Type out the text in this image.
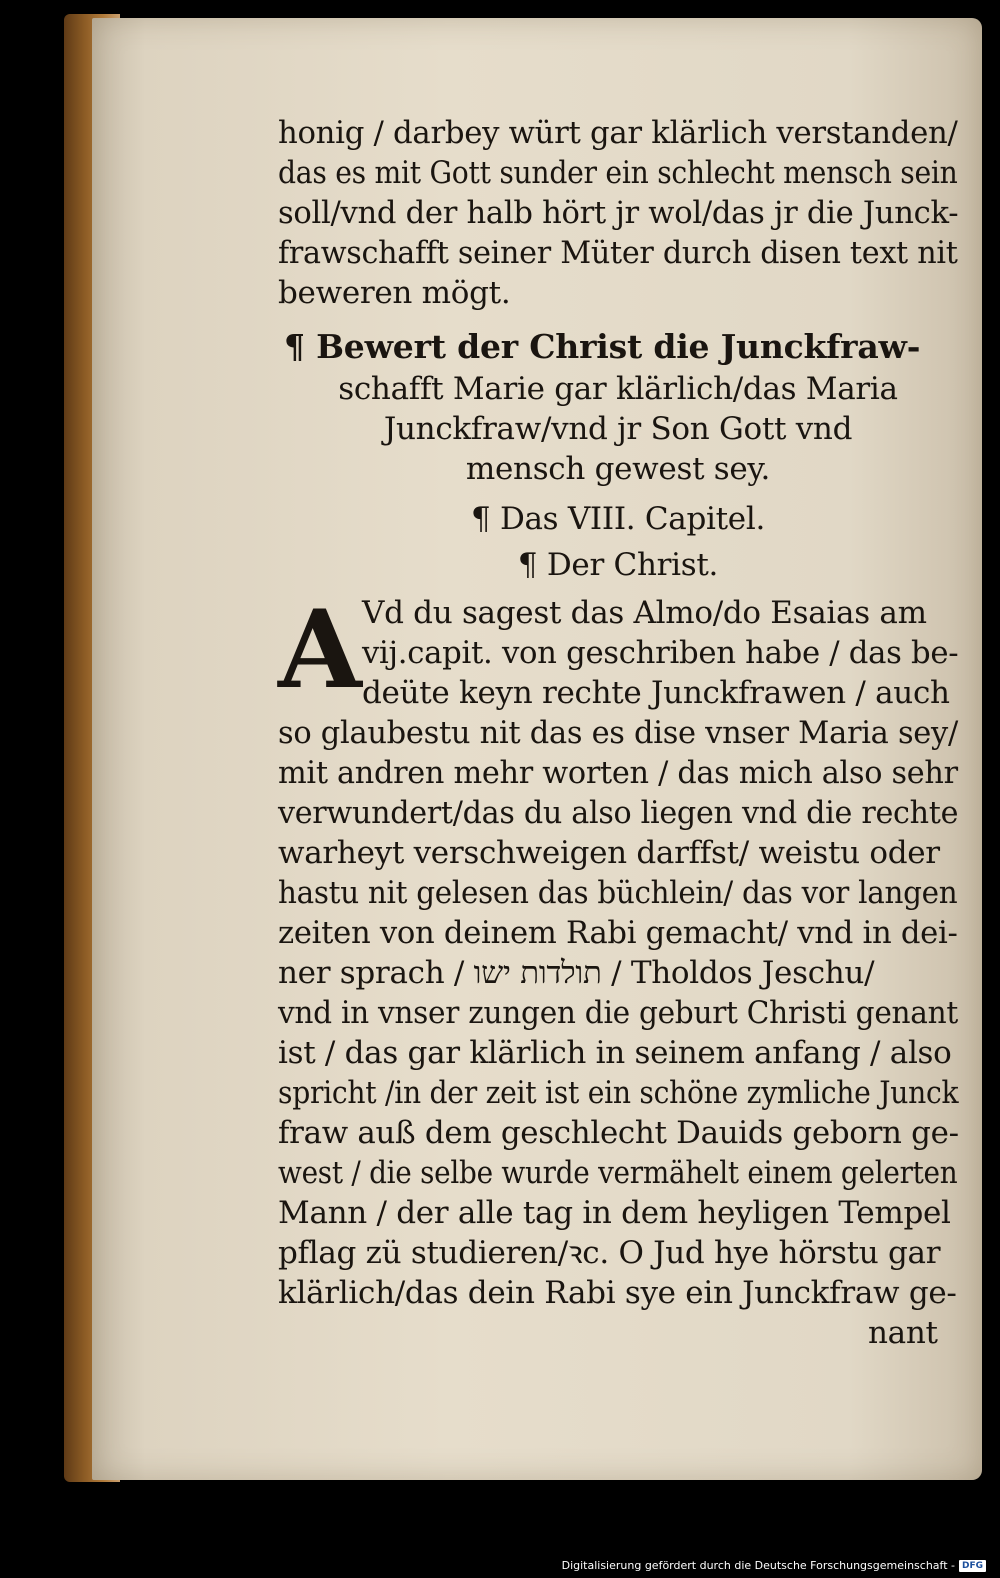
honig / darbey würt gar klärlich verstanden/
das es mit Gott sunder ein schlecht mensch sein
soll/vnd der halb hört jr wol/das jr die Junck-
frawschafft seiner Müter durch disen text nit
beweren mögt.
¶ Bewert der Christ die Junckfraw-
schafft Marie gar klärlich/das Maria
Junckfraw/vnd jr Son Gott vnd
mensch gewest sey.
¶ Das VIII. Capitel.
¶ Der Christ.
A Vd du sagest das Almo/do Esaias am
vij.capit. von geschriben habe / das be-
deüte keyn rechte Junckfrawen / auch
so glaubestu nit das es dise vnser Maria sey/
mit andren mehr worten / das mich also sehr
verwundert/das du also liegen vnd die rechte
warheyt verschweigen darffst/ weistu oder
hastu nit gelesen das büchlein/ das vor langen
zeiten von deinem Rabi gemacht/ vnd in dei-
ner sprach / תולדות ישו / Tholdos Jeschu/
vnd in vnser zungen die geburt Christi genant
ist / das gar klärlich in seinem anfang / also
spricht /in der zeit ist ein schöne zymliche Junck
fraw auß dem geschlecht Dauids geborn ge-
west / die selbe wurde vermähelt einem gelerten
Mann / der alle tag in dem heyligen Tempel
pflag zü studieren/ꝛc. O Jud hye hörstu gar
klärlich/das dein Rabi sye ein Junckfraw ge-
nant
Digitalisierung gefördert durch die Deutsche Forschungsgemeinschaft - DFG
